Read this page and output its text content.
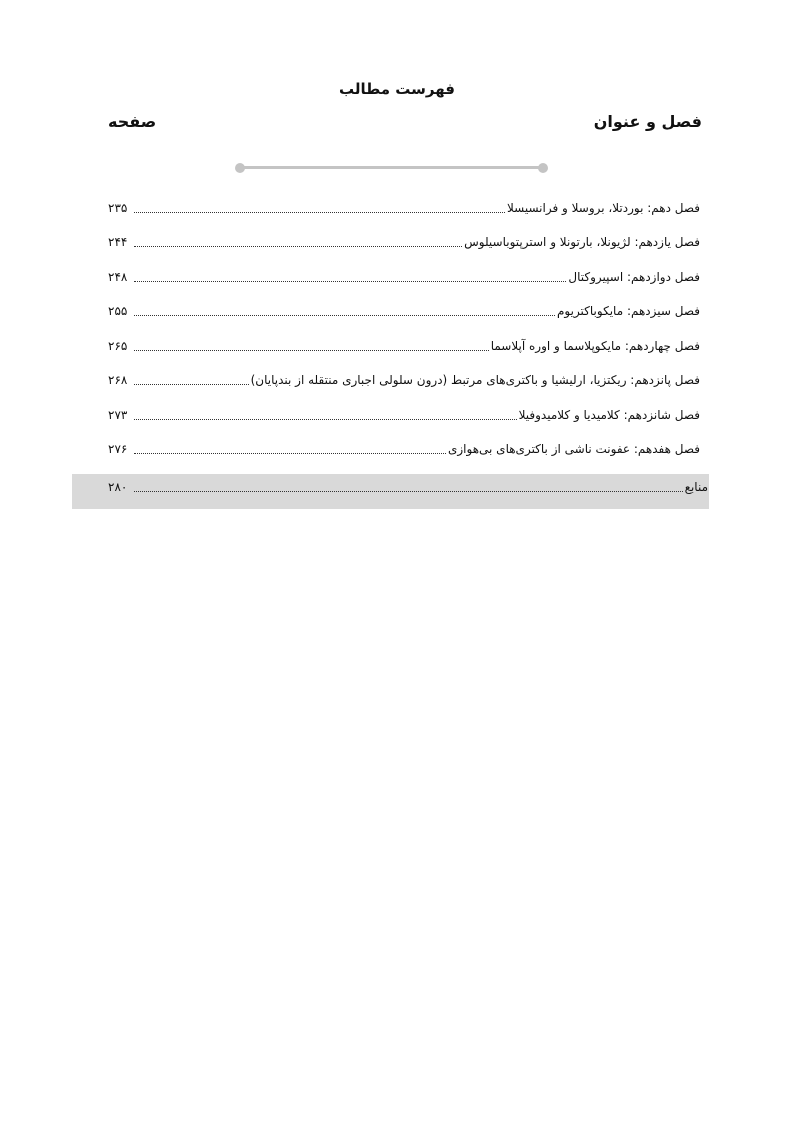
فهرست مطالب
فصل و عنوان
صفحه
فصل دهم: بوردتلا، بروسلا و فرانسیسلا
۲۳۵
فصل یازدهم: لژیونلا، بارتونلا و استرپتوباسیلوس
۲۴۴
فصل دوازدهم: اسپیروکتال
۲۴۸
فصل سیزدهم: مایکوباکتریوم
۲۵۵
فصل چهاردهم: مایکوپلاسما و اوره آپلاسما
۲۶۵
فصل پانزدهم: ریکتزیا، ارلیشیا و باکتری‌های مرتبط (درون سلولی اجباری منتقله از بندپایان)
۲۶۸
فصل شانزدهم: کلامیدیا و کلامیدوفیلا
۲۷۳
فصل هفدهم: عفونت ناشی از باکتری‌های بی‌هوازی
۲۷۶
منابع
۲۸۰
